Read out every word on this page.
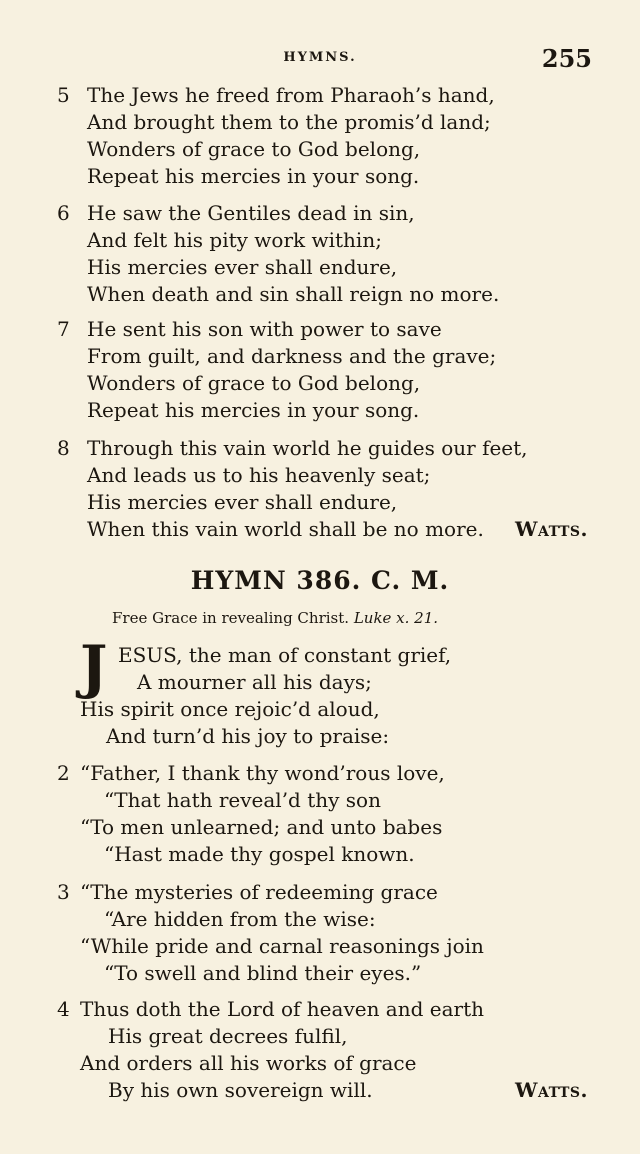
HYMNS.	255
5 The Jews he freed from Pharaoh’s hand,
And brought them to the promis’d land;
Wonders of grace to God belong,
Repeat his mercies in your song.
6 He saw the Gentiles dead in sin,
And felt his pity work within;
His mercies ever shall endure,
When death and sin shall reign no more.
7 He sent his son with power to save
From guilt, and darkness and the grave;
Wonders of grace to God belong,
Repeat his mercies in your song.
8 Through this vain world he guides our feet,
And leads us to his heavenly seat;
His mercies ever shall endure,
When this vain world shall be no more. Watts.
HYMN 386. C. M.
Free Grace in revealing Christ. Luke x. 21.
J ESUS, the man of constant grief,
A mourner all his days;
His spirit once rejoic’d aloud,
And turn’d his joy to praise:
2 “Father, I thank thy wond’rous love,
“That hath reveal’d thy son
“To men unlearned; and unto babes
“Hast made thy gospel known.
3 “The mysteries of redeeming grace
“Are hidden from the wise:
“While pride and carnal reasonings join
“To swell and blind their eyes.”
4 Thus doth the Lord of heaven and earth
His great decrees fulfil,
And orders all his works of grace
By his own sovereign will.	Watts.
